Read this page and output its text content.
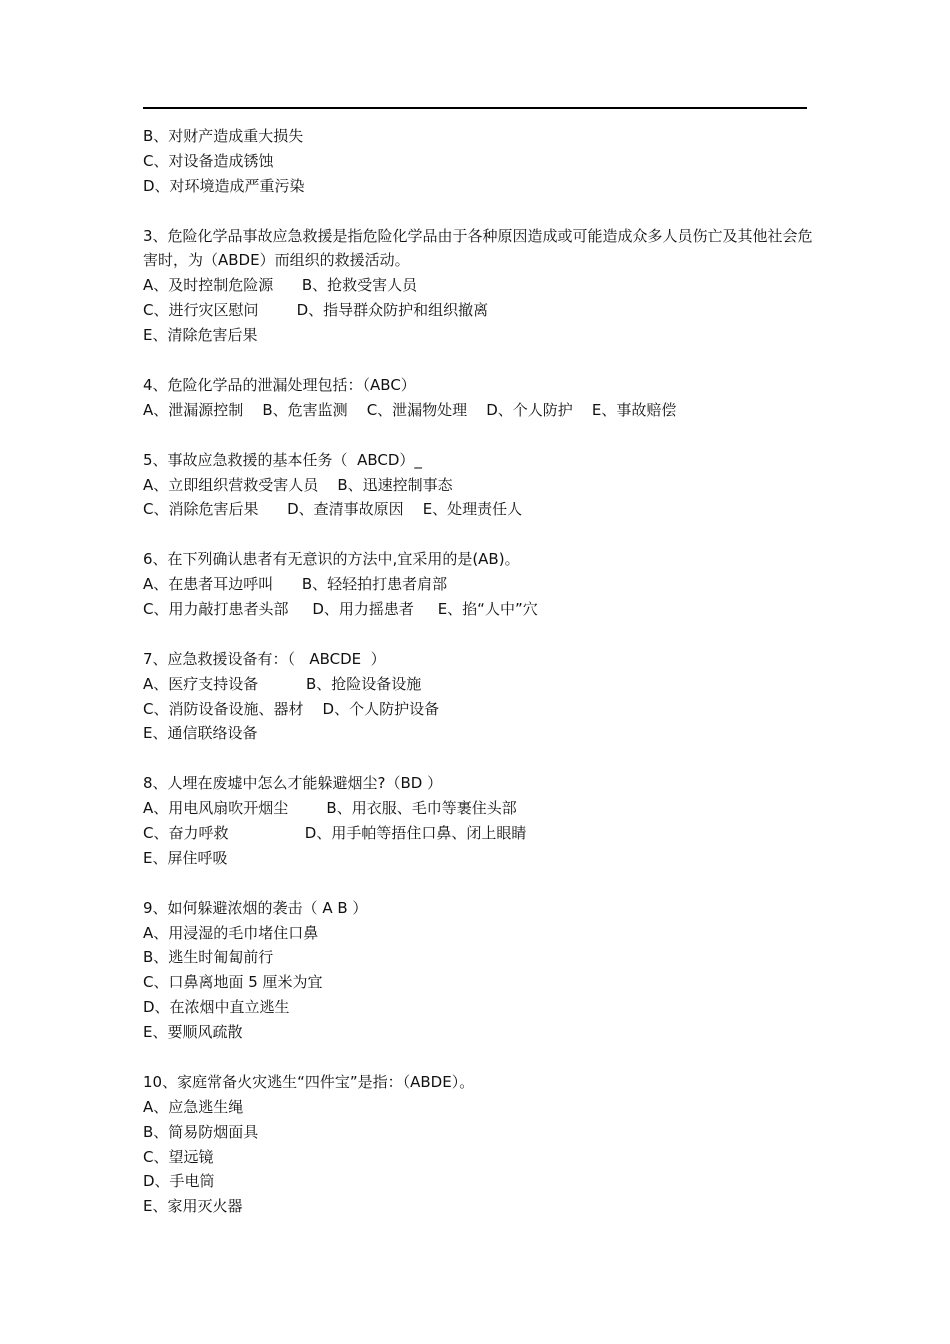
B、对财产造成重大损失
C、对设备造成锈蚀
D、对环境造成严重污染
3、危险化学品事故应急救援是指危险化学品由于各种原因造成或可能造成众多人员伤亡及其他社会危害时，为（ABDE）而组织的救援活动。
A、及时控制危险源      B、抢救受害人员
C、进行灾区慰问        D、指导群众防护和组织撤离
E、清除危害后果
4、危险化学品的泄漏处理包括：（ABC）
A、泄漏源控制    B、危害监测    C、泄漏物处理    D、个人防护    E、事故赔偿
5、事故应急救援的基本任务（  ABCD）_
A、立即组织营救受害人员    B、迅速控制事态
C、消除危害后果      D、查清事故原因    E、处理责任人
6、在下列确认患者有无意识的方法中,宜采用的是(AB)。
A、在患者耳边呼叫      B、轻轻拍打患者肩部
C、用力敲打患者头部     D、用力摇患者     E、掐“人中”穴
7、应急救援设备有：（   ABCDE  ）
A、医疗支持设备          B、抢险设备设施
C、消防设备设施、器材    D、个人防护设备
E、通信联络设备
8、人埋在废墟中怎么才能躲避烟尘?（BD ）
A、用电风扇吹开烟尘        B、用衣服、毛巾等裹住头部
C、奋力呼救                D、用手帕等捂住口鼻、闭上眼睛
E、屏住呼吸
9、如何躲避浓烟的袭击（ A B ）
A、用浸湿的毛巾堵住口鼻
B、逃生时匍匐前行
C、口鼻离地面 5 厘米为宜
D、在浓烟中直立逃生
E、要顺风疏散
10、家庭常备火灾逃生“四件宝”是指：（ABDE）。
A、应急逃生绳
B、简易防烟面具
C、望远镜
D、手电筒
E、家用灭火器
